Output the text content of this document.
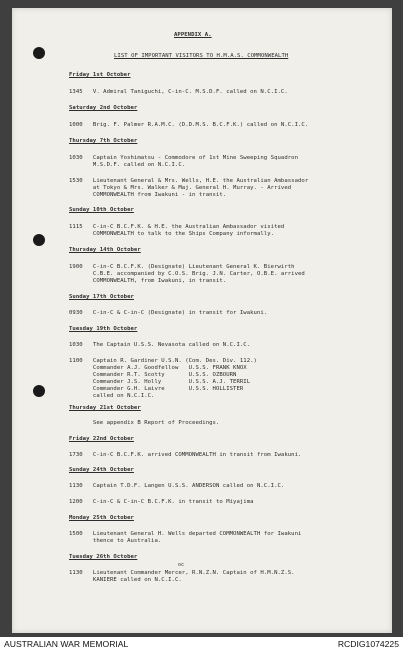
APPENDIX A.
LIST OF IMPORTANT VISITORS TO H.M.A.S. COMMONWEALTH
Friday 1st October
1345   V. Admiral Taniguchi, C-in-C. M.S.D.F. called on N.C.I.C.
Saturday 2nd October
1000   Brig. F. Palmer R.A.M.C. (D.D.M.S. B.C.F.K.) called on N.C.I.C.
Thursday 7th October
1030   Captain Yoshimatsu - Commodore of 1st Mine Sweeping Squadron
M.S.D.F. called on N.C.I.C.
1530   Lieutenant General & Mrs. Wells, H.E. the Australian Ambassador
at Tokyo & Mrs. Walker & Maj. General H. Murray. - Arrived
COMMONWEALTH from Iwakuni - in transit.
Sunday 10th October
1115   C-in-C B.C.F.K. & H.E. the Australian Ambassador visited
COMMONWEALTH to talk to the Ships Company informally.
Thursday 14th October
1900   C-in-C B.C.F.K. (Designate) Lieutenant General K. Bierwirth
C.B.E. accompanied by C.O.S. Brig. J.N. Carter, O.B.E. arrived
COMMONWEALTH, from Iwakuni, in transit.
Sunday 17th October
0930   C-in-C & C-in-C (Designate) in transit for Iwakuni.
Tuesday 19th October
1030   The Captain U.S.S. Nevasota called on N.C.I.C.
1100   Captain R. Gardiner U.S.N. (Com. Des. Div. 112.)
Commander A.J. Goodfellow   U.S.S. FRANK KNOX
Commander R.T. Scotty       U.S.S. OZBOURN
Commander J.S. Holly        U.S.S. A.J. TERRIL
Commander G.H. Laivre       U.S.S. HOLLISTER
called on N.C.I.C.
Thursday 21st October
See appendix B Report of Proceedings.
Friday 22nd October
1730   C-in-C B.C.F.K. arrived COMMONWEALTH in transit from Iwakuni.
Sunday 24th October
1130   Captain T.D.F. Langen U.S.S. ANDERSON called on N.C.I.C.
1200   C-in-C & C-in-C B.C.F.K. in transit to Miyajima
Monday 25th October
1500   Lieutenant General H. Wells departed COMMONWEALTH for Iwakuni
thence to Australia.
Tuesday 26th October
oc
1130   Lieutenant Commander Mercer, R.N.Z.N. Captain of H.M.N.Z.S.
KANIERE called on N.C.I.C.
AUSTRALIAN WAR MEMORIAL	RCDIG1074225
